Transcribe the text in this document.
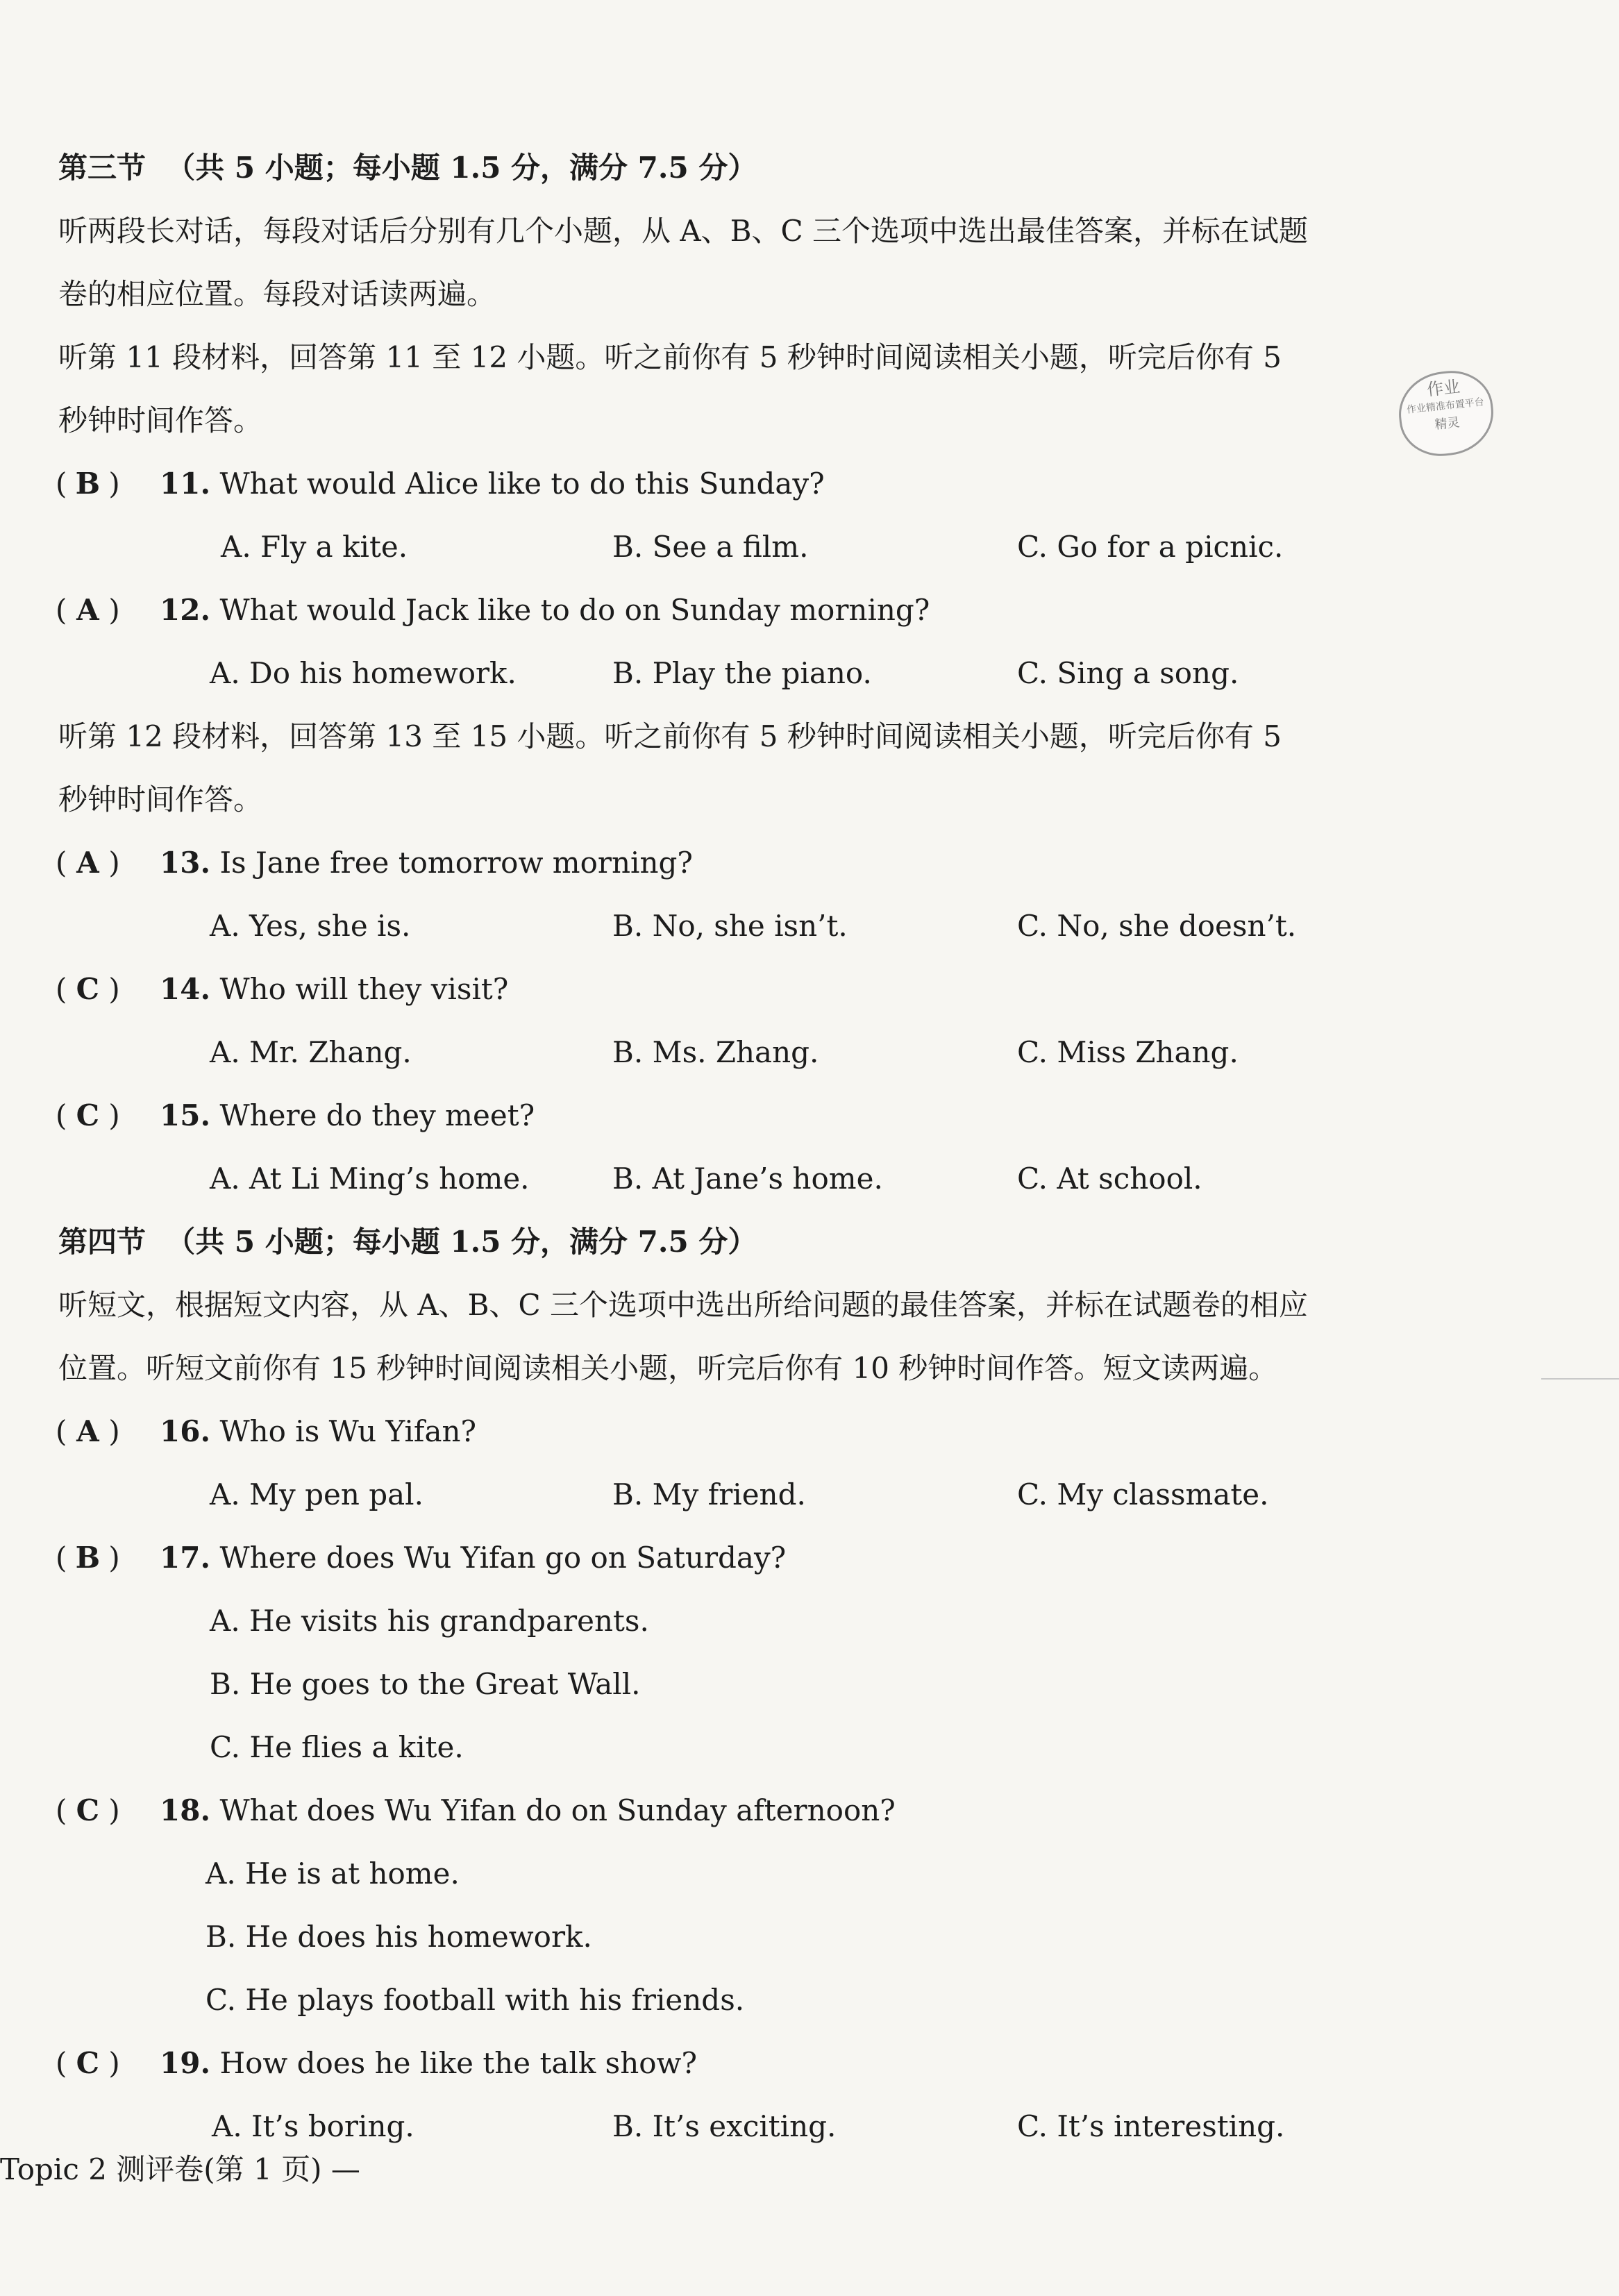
第三节 （共 5 小题；每小题 1.5 分，满分 7.5 分）
听两段长对话，每段对话后分别有几个小题，从 A、B、C 三个选项中选出最佳答案，并标在试题
卷的相应位置。每段对话读两遍。
听第 11 段材料，回答第 11 至 12 小题。听之前你有 5 秒钟时间阅读相关小题，听完后你有 5
秒钟时间作答。
( B ) 11. What would Alice like to do this Sunday?
A. Fly a kite.	B. See a film.	C. Go for a picnic.
( A ) 12. What would Jack like to do on Sunday morning?
A. Do his homework.	B. Play the piano.	C. Sing a song.
听第 12 段材料，回答第 13 至 15 小题。听之前你有 5 秒钟时间阅读相关小题，听完后你有 5
秒钟时间作答。
( A ) 13. Is Jane free tomorrow morning?
A. Yes, she is.	B. No, she isn’t.	C. No, she doesn’t.
( C ) 14. Who will they visit?
A. Mr. Zhang.	B. Ms. Zhang.	C. Miss Zhang.
( C ) 15. Where do they meet?
A. At Li Ming’s home.	B. At Jane’s home.	C. At school.
第四节 （共 5 小题；每小题 1.5 分，满分 7.5 分）
听短文，根据短文内容，从 A、B、C 三个选项中选出所给问题的最佳答案，并标在试题卷的相应
位置。听短文前你有 15 秒钟时间阅读相关小题，听完后你有 10 秒钟时间作答。短文读两遍。
( A ) 16. Who is Wu Yifan?
A. My pen pal.	B. My friend.	C. My classmate.
( B ) 17. Where does Wu Yifan go on Saturday?
A. He visits his grandparents.
B. He goes to the Great Wall.
C. He flies a kite.
( C ) 18. What does Wu Yifan do on Sunday afternoon?
A. He is at home.
B. He does his homework.
C. He plays football with his friends.
( C ) 19. How does he like the talk show?
A. It’s boring.	B. It’s exciting.	C. It’s interesting.
作业
作业精准布置平台
精灵
Topic 2 测评卷(第 1 页) —
